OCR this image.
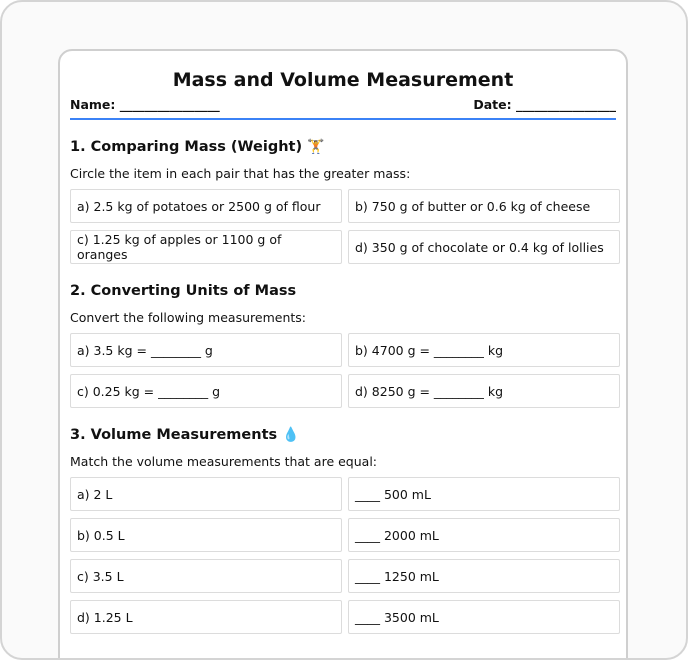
Mass and Volume Measurement
Name: ________________	Date: ________________
1. Comparing Mass (Weight) 🏋
Circle the item in each pair that has the greater mass:
a) 2.5 kg of potatoes or 2500 g of flour	b) 750 g of butter or 0.6 kg of cheese
c) 1.25 kg of apples or 1100 g of oranges	d) 350 g of chocolate or 0.4 kg of lollies
2. Converting Units of Mass
Convert the following measurements:
a) 3.5 kg = ________ g	b) 4700 g = ________ kg
c) 0.25 kg = ________ g	d) 8250 g = ________ kg
3. Volume Measurements 💧
Match the volume measurements that are equal:
a) 2 L	____ 500 mL
b) 0.5 L	____ 2000 mL
c) 3.5 L	____ 1250 mL
d) 1.25 L	____ 3500 mL
